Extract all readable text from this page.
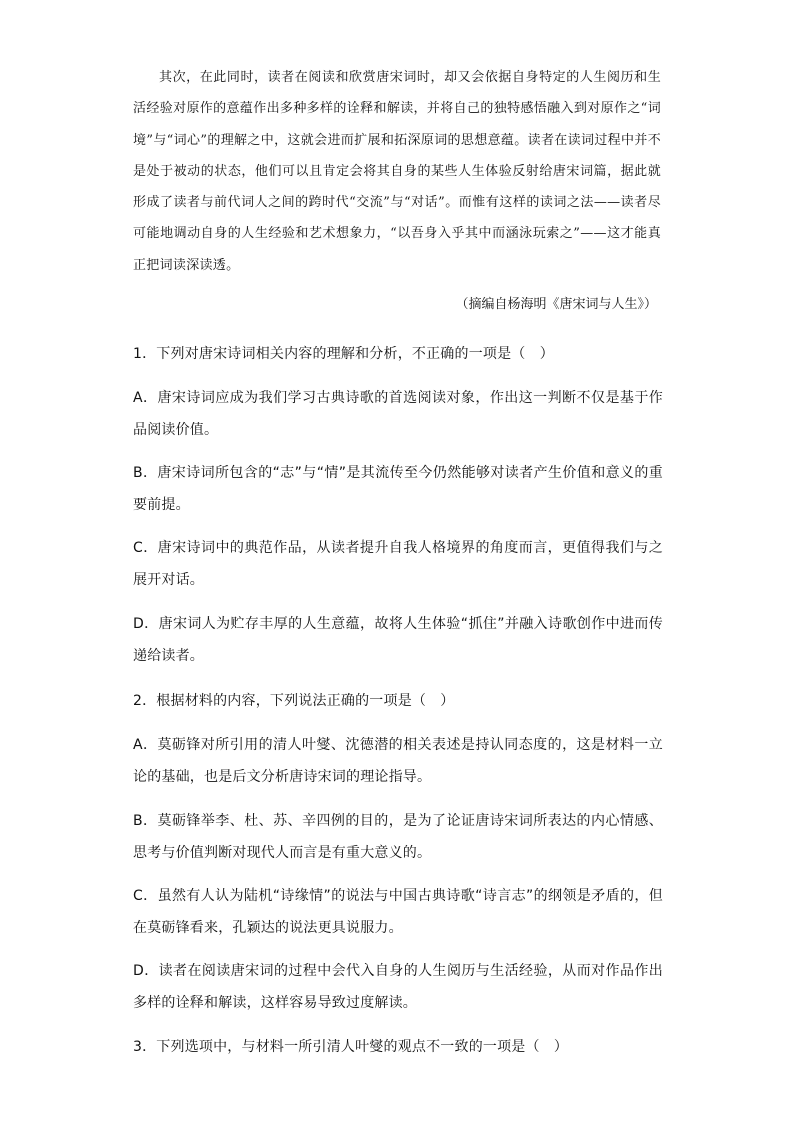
其次，在此同时，读者在阅读和欣赏唐宋词时，却又会依据自身特定的人生阅历和生活经验对原作的意蕴作出多种多样的诠释和解读，并将自己的独特感悟融入到对原作之“词境”与“词心”的理解之中，这就会进而扩展和拓深原词的思想意蕴。读者在读词过程中并不是处于被动的状态，他们可以且肯定会将其自身的某些人生体验反射给唐宋词篇，据此就形成了读者与前代词人之间的跨时代“交流”与“对话”。而惟有这样的读词之法——读者尽可能地调动自身的人生经验和艺术想象力，“以吾身入乎其中而涵泳玩索之”——这才能真正把词读深读透。

（摘编自杨海明《唐宋词与人生》）

1．下列对唐宋诗词相关内容的理解和分析，不正确的一项是（　）

A．唐宋诗词应成为我们学习古典诗歌的首选阅读对象，作出这一判断不仅是基于作品阅读价值。

B．唐宋诗词所包含的“志”与“情”是其流传至今仍然能够对读者产生价值和意义的重要前提。

C．唐宋诗词中的典范作品，从读者提升自我人格境界的角度而言，更值得我们与之展开对话。

D．唐宋词人为贮存丰厚的人生意蕴，故将人生体验“抓住”并融入诗歌创作中进而传递给读者。

2．根据材料的内容，下列说法正确的一项是（　）

A．莫砺锋对所引用的清人叶燮、沈德潜的相关表述是持认同态度的，这是材料一立论的基础，也是后文分析唐诗宋词的理论指导。

B．莫砺锋举李、杜、苏、辛四例的目的，是为了论证唐诗宋词所表达的内心情感、思考与价值判断对现代人而言是有重大意义的。

C．虽然有人认为陆机“诗缘情”的说法与中国古典诗歌“诗言志”的纲领是矛盾的，但在莫砺锋看来，孔颖达的说法更具说服力。

D．读者在阅读唐宋词的过程中会代入自身的人生阅历与生活经验，从而对作品作出多样的诠释和解读，这样容易导致过度解读。

3．下列选项中，与材料一所引清人叶燮的观点不一致的一项是（　）
